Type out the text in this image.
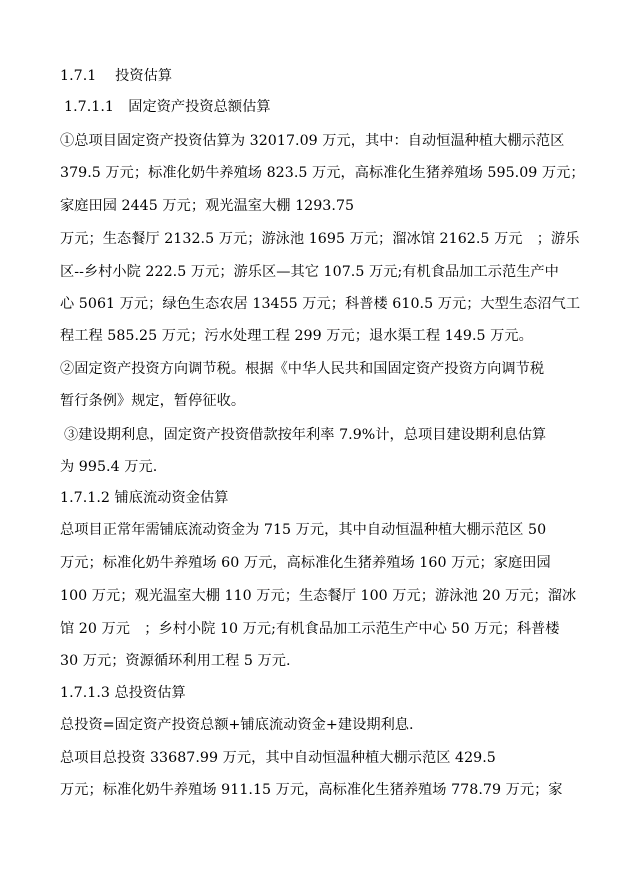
1.7.1　 投资估算
1.7.1.1　固定资产投资总额估算
①总项目固定资产投资估算为 32017.09 万元，其中：自动恒温种植大棚示范区
379.5 万元；标准化奶牛养殖场 823.5 万元，高标准化生猪养殖场 595.09 万元；
家庭田园 2445 万元；观光温室大棚 1293.75
万元；生态餐厅 2132.5 万元；游泳池 1695 万元；溜冰馆 2162.5 万元　；游乐
区--乡村小院 222.5 万元；游乐区—其它 107.5 万元;有机食品加工示范生产中
心 5061 万元；绿色生态农居 13455 万元；科普楼 610.5 万元；大型生态沼气工
程工程 585.25 万元；污水处理工程 299 万元；退水渠工程 149.5 万元。
②固定资产投资方向调节税。根据《中华人民共和国固定资产投资方向调节税
暂行条例》规定，暂停征收。
③建设期利息，固定资产投资借款按年利率 7.9%计，总项目建设期利息估算
为 995.4 万元.
1.7.1.2 铺底流动资金估算
总项目正常年需铺底流动资金为 715 万元，其中自动恒温种植大棚示范区 50
万元；标准化奶牛养殖场 60 万元，高标准化生猪养殖场 160 万元；家庭田园
100 万元；观光温室大棚 110 万元；生态餐厅 100 万元；游泳池 20 万元；溜冰
馆 20 万元　；乡村小院 10 万元;有机食品加工示范生产中心 50 万元；科普楼
30 万元；资源循环利用工程 5 万元.
1.7.1.3 总投资估算
总投资=固定资产投资总额+铺底流动资金+建设期利息.
总项目总投资 33687.99 万元，其中自动恒温种植大棚示范区 429.5
万元；标准化奶牛养殖场 911.15 万元，高标准化生猪养殖场 778.79 万元；家
